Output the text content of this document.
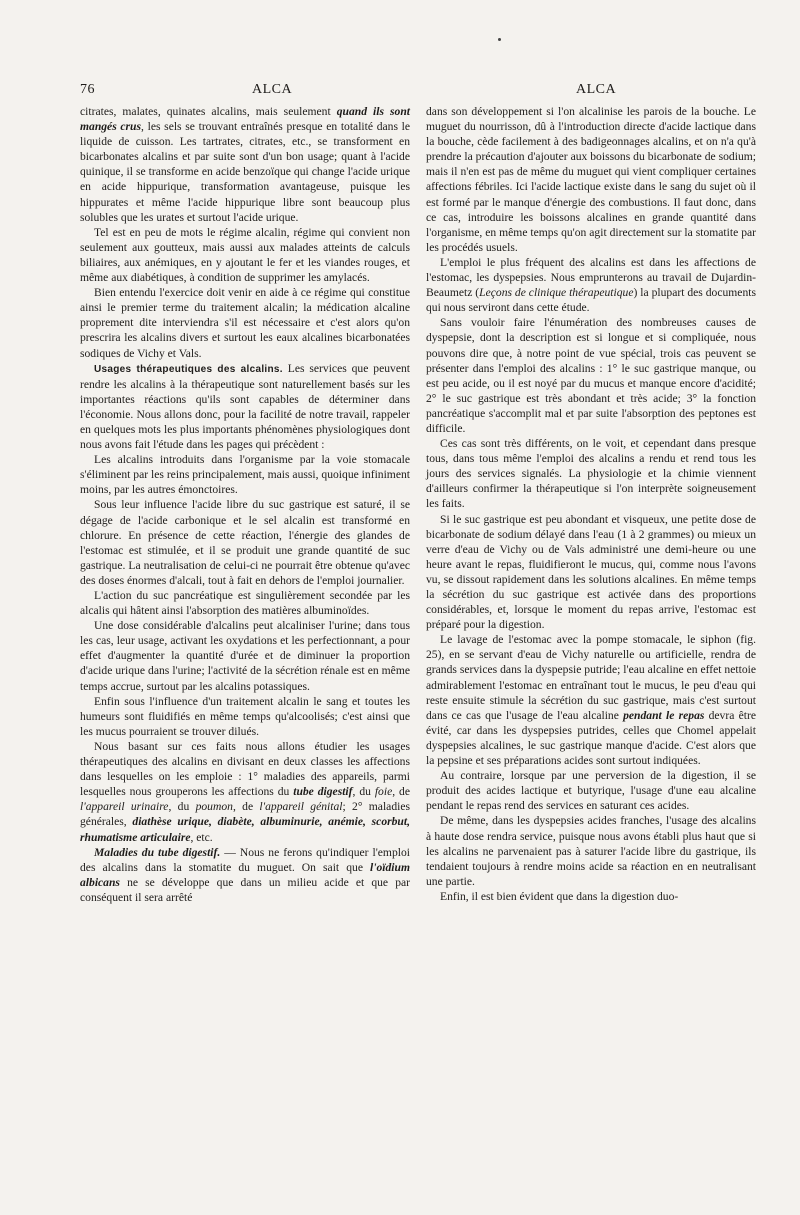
76	ALCA	ALCA

citrates, malates, quinates alcalins, mais seulement quand ils sont mangés crus, les sels se trouvant entraînés presque en totalité dans le liquide de cuisson. Les tartrates, citrates, etc., se transforment en bicarbonates alcalins et par suite sont d'un bon usage; quant à l'acide quinique, il se transforme en acide benzoïque qui change l'acide urique en acide hippurique, transformation avantageuse, puisque les hippurates et même l'acide hippurique libre sont beaucoup plus solubles que les urates et surtout l'acide urique.

Tel est en peu de mots le régime alcalin, régime qui convient non seulement aux goutteux, mais aussi aux malades atteints de calculs biliaires, aux anémiques, en y ajoutant le fer et les viandes rouges, et même aux diabétiques, à condition de supprimer les amylacés.

Bien entendu l'exercice doit venir en aide à ce régime qui constitue ainsi le premier terme du traitement alcalin; la médication alcaline proprement dite interviendra s'il est nécessaire et c'est alors qu'on prescrira les alcalins divers et surtout les eaux alcalines bicarbonatées sodiques de Vichy et Vals.

Usages thérapeutiques des alcalins. Les services que peuvent rendre les alcalins à la thérapeutique sont naturellement basés sur les importantes réactions qu'ils sont capables de déterminer dans l'économie. Nous allons donc, pour la facilité de notre travail, rappeler en quelques mots les plus importants phénomènes physiologiques dont nous avons fait l'étude dans les pages qui précèdent :

Les alcalins introduits dans l'organisme par la voie stomacale s'éliminent par les reins principalement, mais aussi, quoique infiniment moins, par les autres émonctoires.

Sous leur influence l'acide libre du suc gastrique est saturé, il se dégage de l'acide carbonique et le sel alcalin est transformé en chlorure. En présence de cette réaction, l'énergie des glandes de l'estomac est stimulée, et il se produit une grande quantité de suc gastrique. La neutralisation de celui-ci ne pourrait être obtenue qu'avec des doses énormes d'alcali, tout à fait en dehors de l'emploi journalier.

L'action du suc pancréatique est singulièrement secondée par les alcalis qui hâtent ainsi l'absorption des matières albuminoïdes.

Une dose considérable d'alcalins peut alcaliniser l'urine; dans tous les cas, leur usage, activant les oxydations et les perfectionnant, a pour effet d'augmenter la quantité d'urée et de diminuer la proportion d'acide urique dans l'urine; l'activité de la sécrétion rénale est en même temps accrue, surtout par les alcalins potassiques.

Enfin sous l'influence d'un traitement alcalin le sang et toutes les humeurs sont fluidifiés en même temps qu'alcoolisés; c'est ainsi que les mucus pourraient se trouver dilués.

Nous basant sur ces faits nous allons étudier les usages thérapeutiques des alcalins en divisant en deux classes les affections dans lesquelles on les emploie : 1° maladies des appareils, parmi lesquelles nous grouperons les affections du tube digestif, du foie, de l'appareil urinaire, du poumon, de l'appareil génital; 2° maladies générales, diathèse urique, diabète, albuminurie, anémie, scorbut, rhumatisme articulaire, etc.

Maladies du tube digestif. — Nous ne ferons qu'indiquer l'emploi des alcalins dans la stomatite du muguet. On sait que l'oïdium albicans ne se développe que dans un milieu acide et que par conséquent il sera arrêté

dans son développement si l'on alcalinise les parois de la bouche. Le muguet du nourrisson, dû à l'introduction directe d'acide lactique dans la bouche, cède facilement à des badigeonnages alcalins, et on n'a qu'à prendre la précaution d'ajouter aux boissons du bicarbonate de sodium; mais il n'en est pas de même du muguet qui vient compliquer certaines affections fébriles. Ici l'acide lactique existe dans le sang du sujet où il est formé par le manque d'énergie des combustions. Il faut donc, dans ce cas, introduire les boissons alcalines en grande quantité dans l'organisme, en même temps qu'on agit directement sur la stomatite par les procédés usuels.

L'emploi le plus fréquent des alcalins est dans les affections de l'estomac, les dyspepsies. Nous emprunterons au travail de Dujardin-Beaumetz (Leçons de clinique thérapeutique) la plupart des documents qui nous serviront dans cette étude.

Sans vouloir faire l'énumération des nombreuses causes de dyspepsie, dont la description est si longue et si compliquée, nous pouvons dire que, à notre point de vue spécial, trois cas peuvent se présenter dans l'emploi des alcalins : 1° le suc gastrique manque, ou est peu acide, ou il est noyé par du mucus et manque encore d'acidité; 2° le suc gastrique est très abondant et très acide; 3° la fonction pancréatique s'accomplit mal et par suite l'absorption des peptones est difficile.

Ces cas sont très différents, on le voit, et cependant dans presque tous, dans tous même l'emploi des alcalins a rendu et rend tous les jours des services signalés. La physiologie et la chimie viennent d'ailleurs confirmer la thérapeutique si l'on interprète soigneusement les faits.

Si le suc gastrique est peu abondant et visqueux, une petite dose de bicarbonate de sodium délayé dans l'eau (1 à 2 grammes) ou mieux un verre d'eau de Vichy ou de Vals administré une demi-heure ou une heure avant le repas, fluidifieront le mucus, qui, comme nous l'avons vu, se dissout rapidement dans les solutions alcalines. En même temps la sécrétion du suc gastrique est activée dans des proportions considérables, et, lorsque le moment du repas arrive, l'estomac est préparé pour la digestion.

Le lavage de l'estomac avec la pompe stomacale, le siphon (fig. 25), en se servant d'eau de Vichy naturelle ou artificielle, rendra de grands services dans la dyspepsie putride; l'eau alcaline en effet nettoie admirablement l'estomac en entraînant tout le mucus, le peu d'eau qui reste ensuite stimule la sécrétion du suc gastrique, mais c'est surtout dans ce cas que l'usage de l'eau alcaline pendant le repas devra être évité, car dans les dyspepsies putrides, celles que Chomel appelait dyspepsies alcalines, le suc gastrique manque d'acide. C'est alors que la pepsine et ses préparations acides sont surtout indiquées.

Au contraire, lorsque par une perversion de la digestion, il se produit des acides lactique et butyrique, l'usage d'une eau alcaline pendant le repas rend des services en saturant ces acides.

De même, dans les dyspepsies acides franches, l'usage des alcalins à haute dose rendra service, puisque nous avons établi plus haut que si les alcalins ne parvenaient pas à saturer l'acide libre du gastrique, ils tendaient toujours à rendre moins acide sa réaction en en neutralisant une partie.

Enfin, il est bien évident que dans la digestion duo-
